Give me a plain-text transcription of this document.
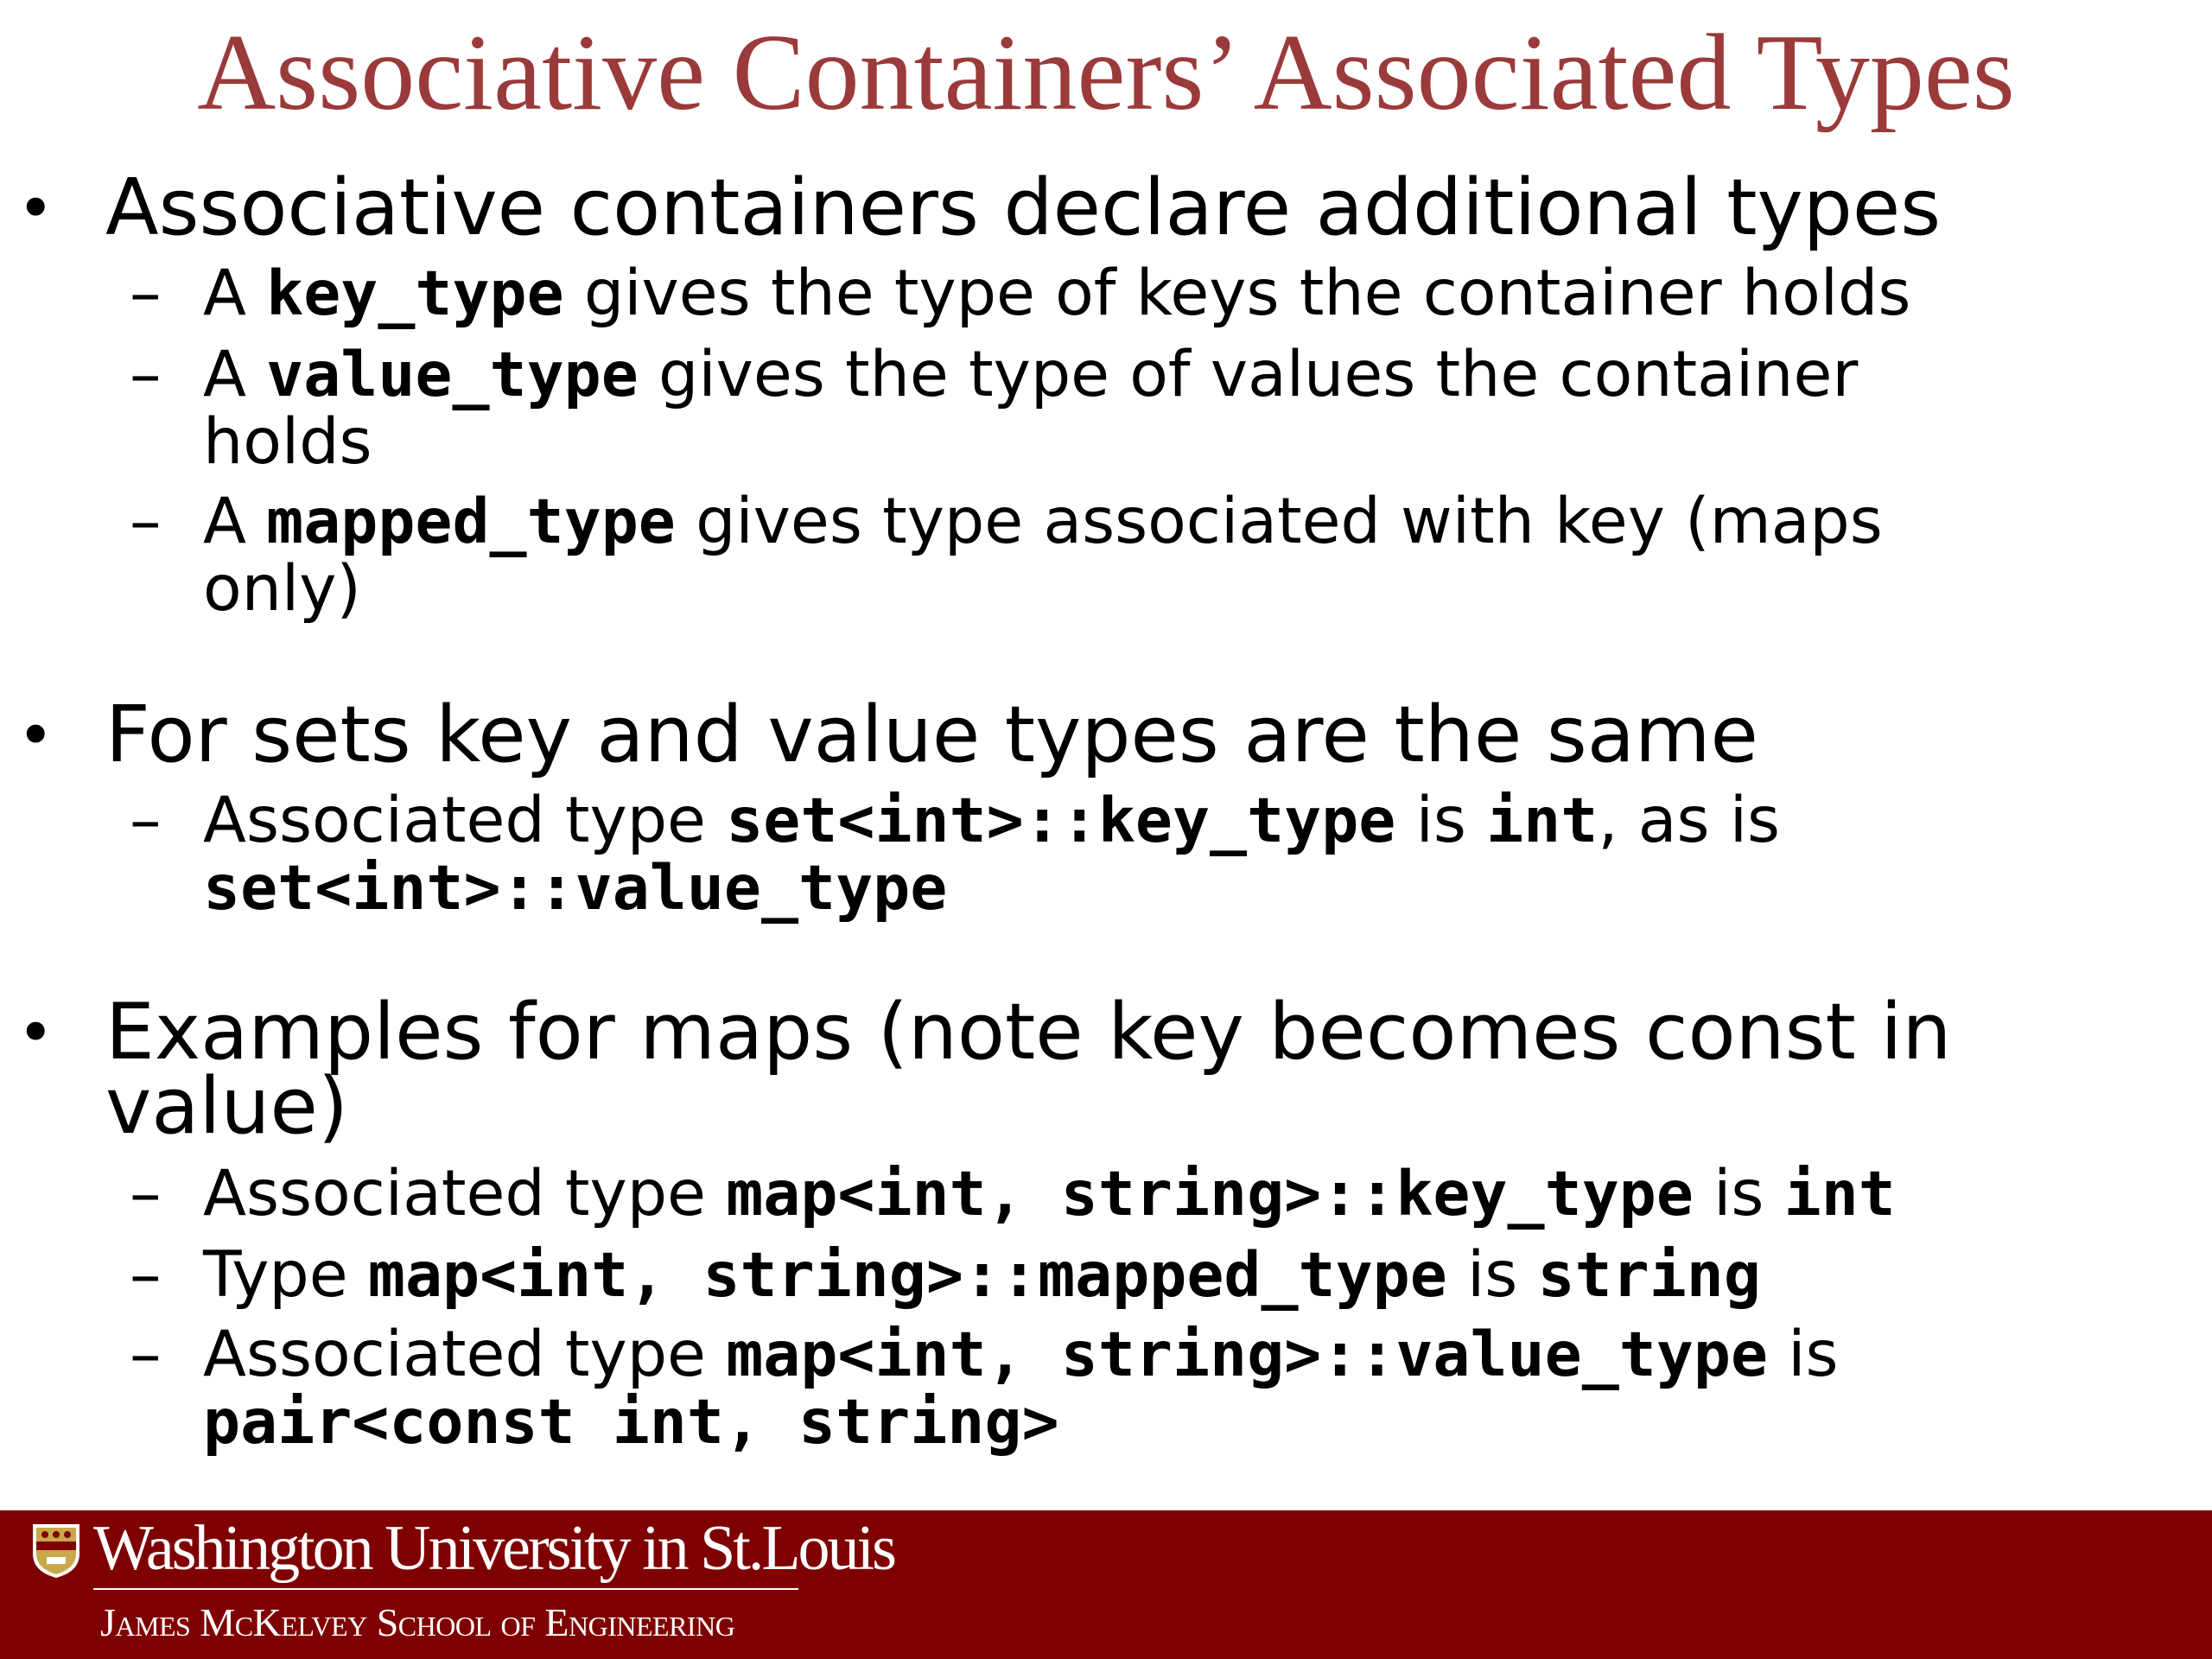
Associative Containers’ Associated Types
• Associative containers declare additional types
– A key_type gives the type of keys the container holds
– A value_type gives the type of values the container
holds
– A mapped_type gives type associated with key (maps
only)
• For sets key and value types are the same
– Associated type set<int>::key_type is int, as is
set<int>::value_type
• Examples for maps (note key becomes const in
value)
– Associated type map<int, string>::key_type is int
– Type map<int, string>::mapped_type is string
– Associated type map<int, string>::value_type is
pair<const int, string>
Washington University in St.Louis
James McKelvey School of Engineering
